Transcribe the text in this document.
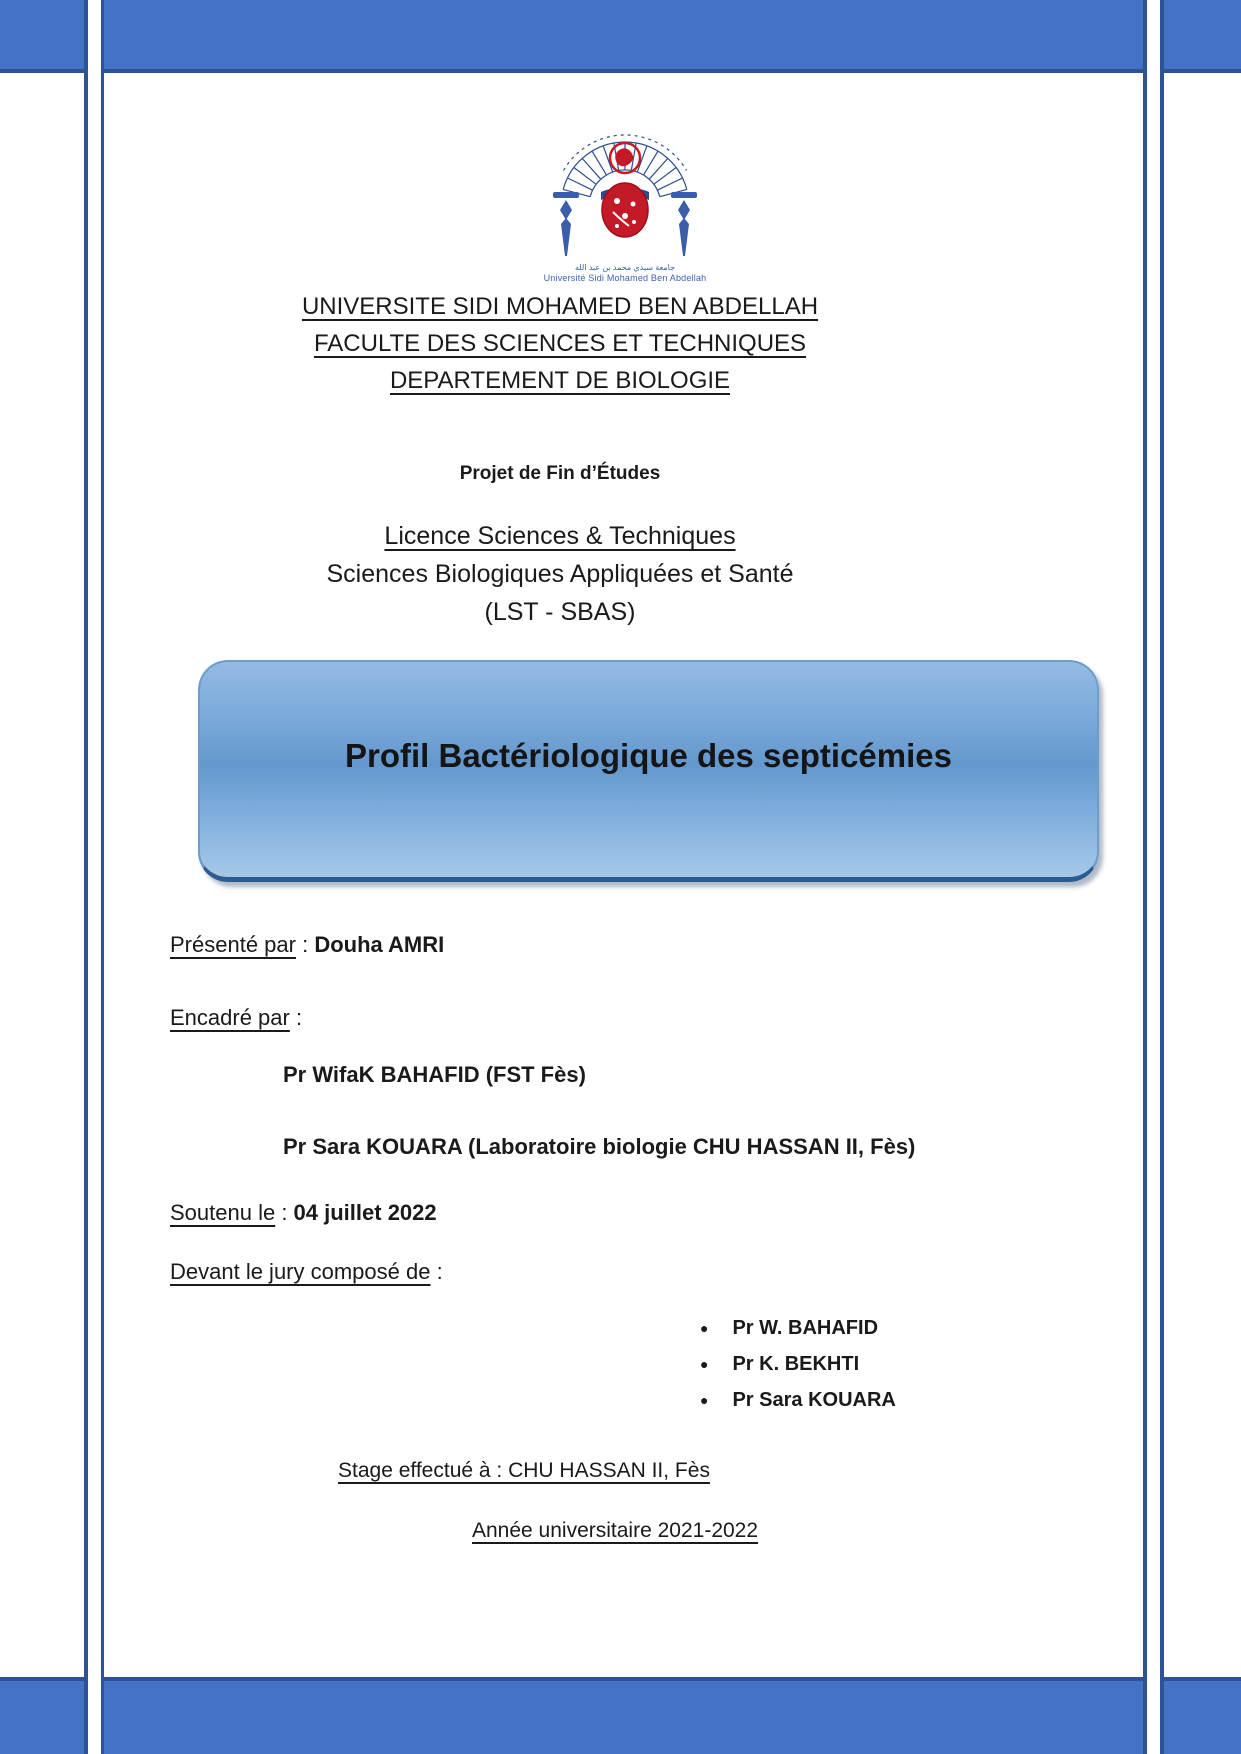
جامعة سيدي محمد بن عبد الله
Université Sidi Mohamed Ben Abdellah
UNIVERSITE SIDI MOHAMED BEN ABDELLAH
FACULTE DES SCIENCES ET TECHNIQUES
DEPARTEMENT DE BIOLOGIE
Projet de Fin d’Études
Licence Sciences & Techniques
Sciences Biologiques Appliquées et Santé
(LST - SBAS)
Profil Bactériologique des septicémies
Présenté par : Douha AMRI
Encadré par :
Pr WifaK BAHAFID (FST Fès)
Pr Sara KOUARA (Laboratoire biologie CHU HASSAN II, Fès)
Soutenu le : 04 juillet 2022
Devant le jury composé de :
● Pr W. BAHAFID
● Pr K. BEKHTI
● Pr Sara KOUARA
Stage effectué à : CHU HASSAN II, Fès
Année universitaire 2021-2022
